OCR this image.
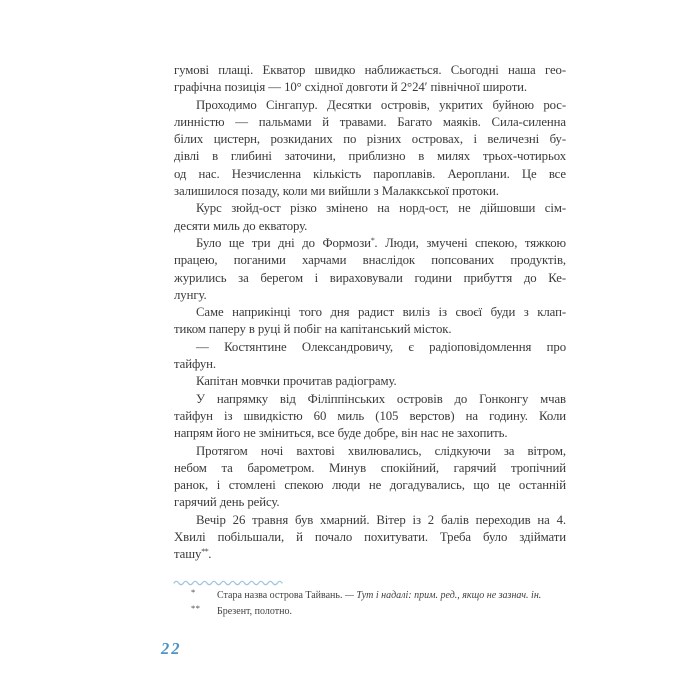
гумові плащі. Екватор швидко наближається. Сьогодні наша гео-
графічна позиція — 10° східної довготи й 2°24′ північної широти.
Проходимо Сінгапур. Десятки островів, укритих буйною рос-
линністю — пальмами й травами. Багато маяків. Сила-силенна
білих цистерн, розкиданих по різних островах, і величезні бу-
дівлі в глибині заточини, приблизно в милях трьох-чотирьох
од нас. Незчисленна кількість пароплавів. Аероплани. Це все
залишилося позаду, коли ми вийшли з Малаккської протоки.
Курс зюйд-ост різко змінено на норд-ост, не дійшовши сім-
десяти миль до екватору.
Було ще три дні до Формози*. Люди, змучені спекою, тяжкою
працею, поганими харчами внаслідок попсованих продуктів,
журились за берегом і вираховували години прибуття до Ке-
лунгу.
Саме наприкінці того дня радист виліз із своєї буди з клап-
тиком паперу в руці й побіг на капітанський місток.
— Костянтине Олександровичу, є радіоповідомлення про
тайфун.
Капітан мовчки прочитав радіограму.
У напрямку від Філіппінських островів до Гонконгу мчав
тайфун із швидкістю 60 миль (105 верстов) на годину. Коли
напрям його не зміниться, все буде добре, він нас не захопить.
Протягом ночі вахтові хвилювались, слідкуючи за вітром,
небом та барометром. Минув спокійний, гарячий тропічний
ранок, і стомлені спекою люди не догадувались, що це останній
гарячий день рейсу.
Вечір 26 травня був хмарний. Вітер із 2 балів переходив на 4.
Хвилі побільшали, й почало похитувати. Треба було здіймати
ташу**.
*	Стара назва острова Тайвань. — Тут і надалі: прим. ред., якщо не зазнач. ін.
**	Брезент, полотно.
22
